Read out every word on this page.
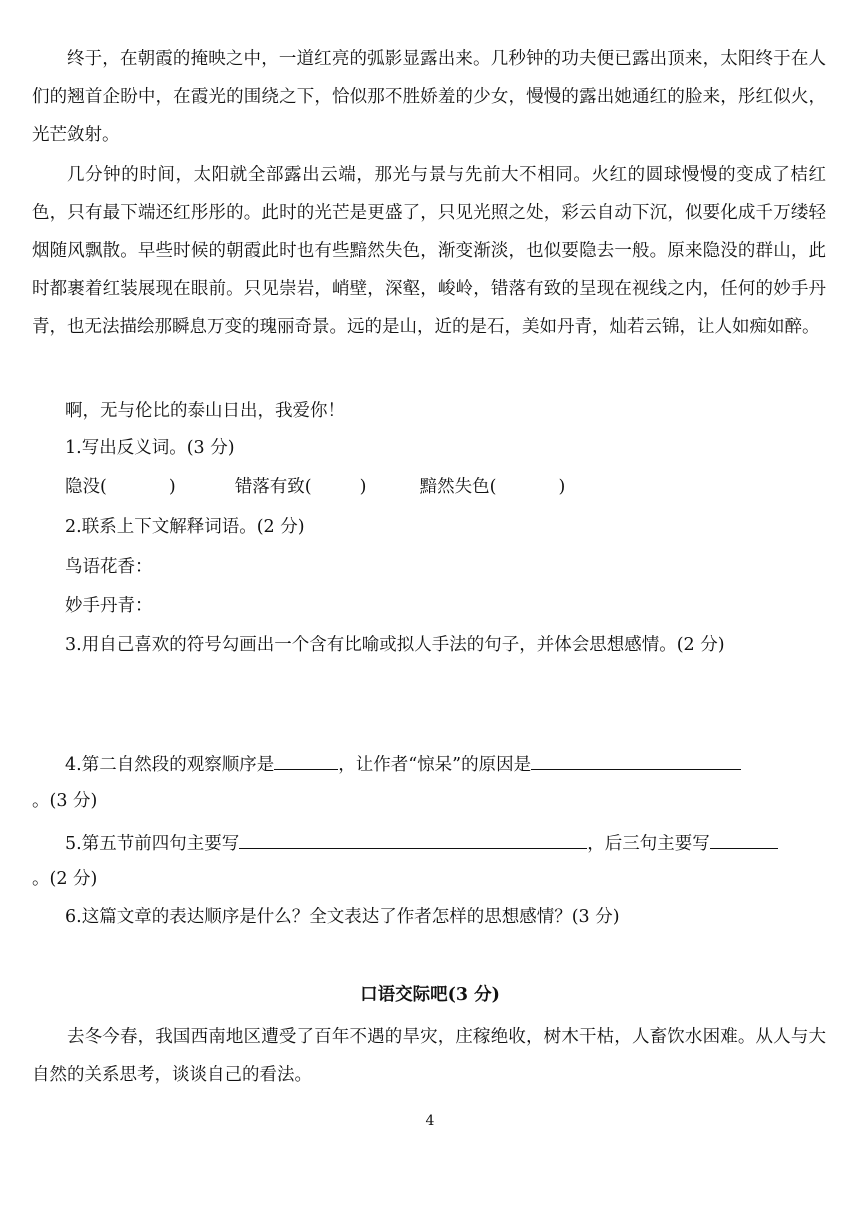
终于，在朝霞的掩映之中，一道红亮的弧影显露出来。几秒钟的功夫便已露出顶来，太阳终于在人们的翘首企盼中，在霞光的围绕之下，恰似那不胜娇羞的少女，慢慢的露出她通红的脸来，彤红似火，光芒敛射。

几分钟的时间，太阳就全部露出云端，那光与景与先前大不相同。火红的圆球慢慢的变成了桔红色，只有最下端还红彤彤的。此时的光芒是更盛了，只见光照之处，彩云自动下沉，似要化成千万缕轻烟随风飘散。早些时候的朝霞此时也有些黯然失色，渐变渐淡，也似要隐去一般。原来隐没的群山，此时都裹着红装展现在眼前。只见崇岩，峭壁，深壑，峻岭，错落有致的呈现在视线之内，任何的妙手丹青，也无法描绘那瞬息万变的瑰丽奇景。远的是山，近的是石，美如丹青，灿若云锦，让人如痴如醉。

啊，无与伦比的泰山日出，我爱你！
1.写出反义词。(3 分)
隐没(	)	错落有致(	)	黯然失色(	)
2.联系上下文解释词语。(2 分)
鸟语花香：
妙手丹青：
3.用自己喜欢的符号勾画出一个含有比喻或拟人手法的句子，并体会思想感情。(2 分)
4.第二自然段的观察顺序是	，让作者“惊呆”的原因是
。(3 分)
5.第五节前四句主要写	，后三句主要写
。(2 分)
6.这篇文章的表达顺序是什么？全文表达了作者怎样的思想感情？(3 分)
口语交际吧(3 分)

去冬今春，我国西南地区遭受了百年不遇的旱灾，庄稼绝收，树木干枯，人畜饮水困难。从人与大自然的关系思考，谈谈自己的看法。

4
